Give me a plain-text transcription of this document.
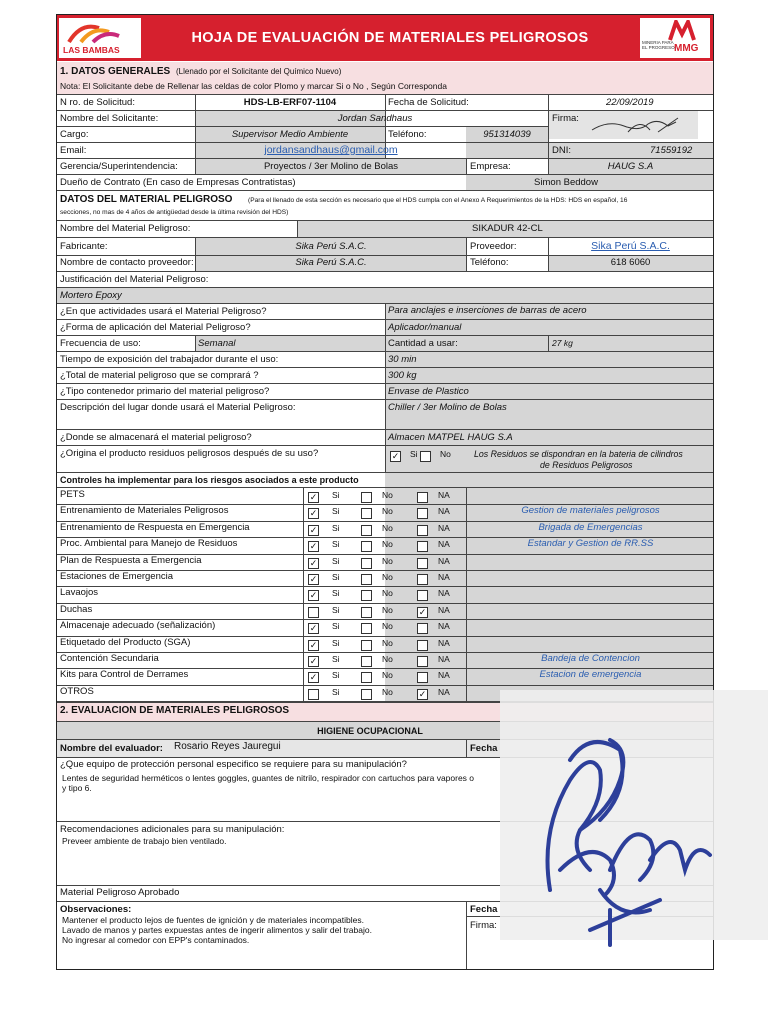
LAS BAMBAS
HOJA DE EVALUACIÓN DE MATERIALES PELIGROSOS	MINERIA PARA EL PROGRESO MMG
1. DATOS GENERALES (Llenado por el Solicitante del Químico Nuevo)
Nota: El Solicitante debe de Rellenar las celdas de color Plomo y marcar Si o No , Según Corresponda
N ro. de Solicitud:	HDS-LB-ERF07-1104	Fecha de Solicitud:	22/09/2019
Nombre del Solicitante:	Jordan Sandhaus	Firma:
Cargo:	Supervisor Medio Ambiente	Teléfono:	951314039
Email:	jordansandhaus@gmail.com	DNI:	71559192
Gerencia/Superintendencia:	Proyectos / 3er Molino de Bolas	Empresa:	HAUG S.A
Dueño de Contrato (En caso de Empresas Contratistas)	Simon Beddow
DATOS DEL MATERIAL PELIGROSO (Para el llenado de esta sección es necesario que el HDS cumpla con el Anexo A Requerimientos de la HDS: HDS en español, 16
secciones, no mas de 4 años de antigüedad desde la última revisión del HDS)
Nombre del Material Peligroso:	SIKADUR 42-CL
Fabricante:	Sika Perú S.A.C.	Proveedor:	Sika Perú S.A.C.
Nombre de contacto proveedor:	Sika Perú S.A.C.	Teléfono:	618 6060
Justificación del Material Peligroso:
Mortero Epoxy
¿En que actividades usará el Material Peligroso?	Para anclajes e inserciones de barras de acero
¿Forma de aplicación del Material Peligroso?	Aplicador/manual
Frecuencia de uso:	Semanal	Cantidad a usar:	27 kg
Tiempo de exposición del trabajador durante el uso:	30 min
¿Total de material peligroso que se comprará ?	300 kg
¿Tipo contenedor primario del material peligroso?	Envase de Plastico
Descripción del lugar donde usará el Material Peligroso:	Chiller / 3er Molino de Bolas
¿Donde se almacenará el material peligroso?	Almacen MATPEL HAUG S.A
¿Origina el producto residuos peligrosos después de su uso?	✓ Si	No	Los Residuos se dispondran en la bateria de cilindros
de Residuos Peligrosos
Controles ha implementar para los riesgos asociados a este producto
PETS	✓ Si	No	NA
Entrenamiento de Materiales Peligrosos	✓ Si	No	NA	Gestion de materiales peligrosos
Entrenamiento de Respuesta en Emergencia	✓ Si	No	NA	Brigada de Emergencias
Proc. Ambiental para Manejo de Residuos	✓ Si	No	NA	Estandar y Gestion de RR.SS
Plan de Respuesta a Emergencia	✓ Si	No	NA
Estaciones de Emergencia	✓ Si	No	NA
Lavaojos	✓ Si	No	NA
Duchas	Si	No	✓ NA
Almacenaje adecuado (señalización)	✓ Si	No	NA
Etiquetado del Producto (SGA)	✓ Si	No	NA
Contención Secundaria	✓ Si	No	NA	Bandeja de Contencion
Kits para Control de Derrames	✓ Si	No	NA	Estacion de emergencia
OTROS	Si	No	✓ NA
2. EVALUACION DE MATERIALES PELIGROSOS
HIGIENE OCUPACIONAL
Nombre del evaluador: Rosario Reyes Jauregui	Fecha
¿Que equipo de protección personal especifico se requiere para su manipulación?
Lentes de seguridad herméticos o lentes goggles, guantes de nitrilo, respirador con cartuchos para vapores o
y tipo 6.
Recomendaciones adicionales para su manipulación:
Preveer ambiente de trabajo bien ventilado.
Material Peligroso Aprobado
Observaciones:
Mantener el producto lejos de fuentes de ignición y de materiales incompatibles.
Lavado de manos y partes expuestas antes de ingerir alimentos y salir del trabajo.
No ingresar al comedor con EPP's contaminados.
Fecha
Firma:
